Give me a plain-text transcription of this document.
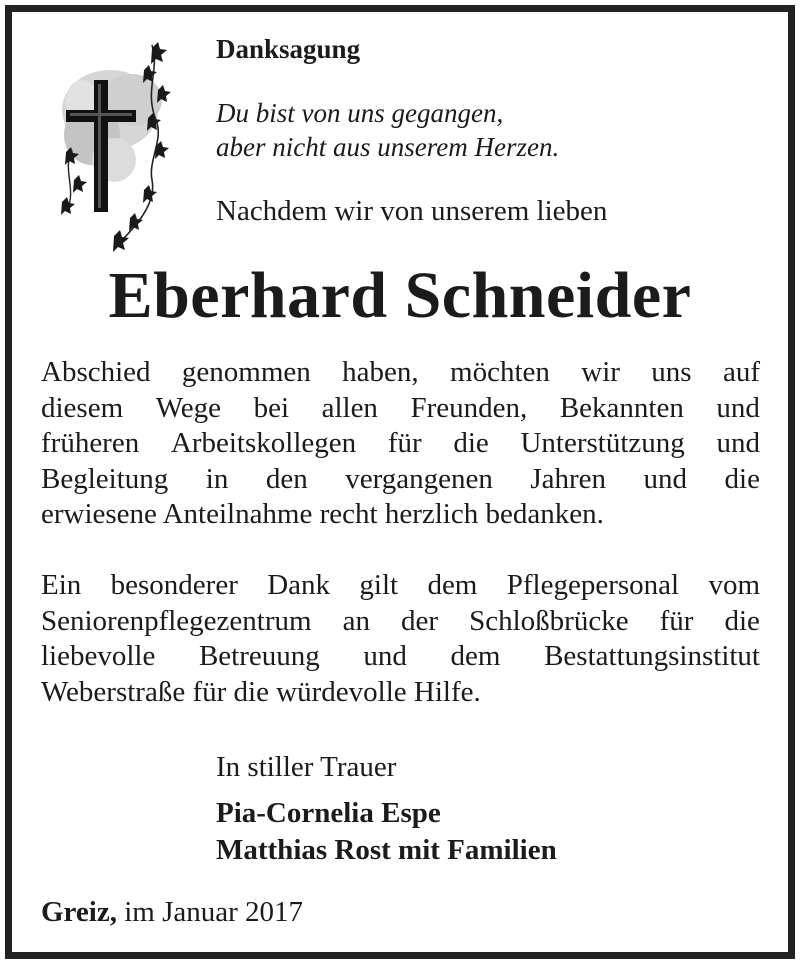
Danksagung
Du bist von uns gegangen,
aber nicht aus unserem Herzen.
Nachdem wir von unserem lieben
Eberhard Schneider
Abschied genommen haben, möchten wir uns auf
diesem Wege bei allen Freunden, Bekannten und
früheren Arbeitskollegen für die Unterstützung und
Begleitung in den vergangenen Jahren und die
erwiesene Anteilnahme recht herzlich bedanken.
Ein besonderer Dank gilt dem Pflegepersonal vom
Seniorenpflegezentrum an der Schloßbrücke für die
liebevolle Betreuung und dem Bestattungsinstitut
Weberstraße für die würdevolle Hilfe.
In stiller Trauer
Pia-Cornelia Espe
Matthias Rost mit Familien
Greiz, im Januar 2017
